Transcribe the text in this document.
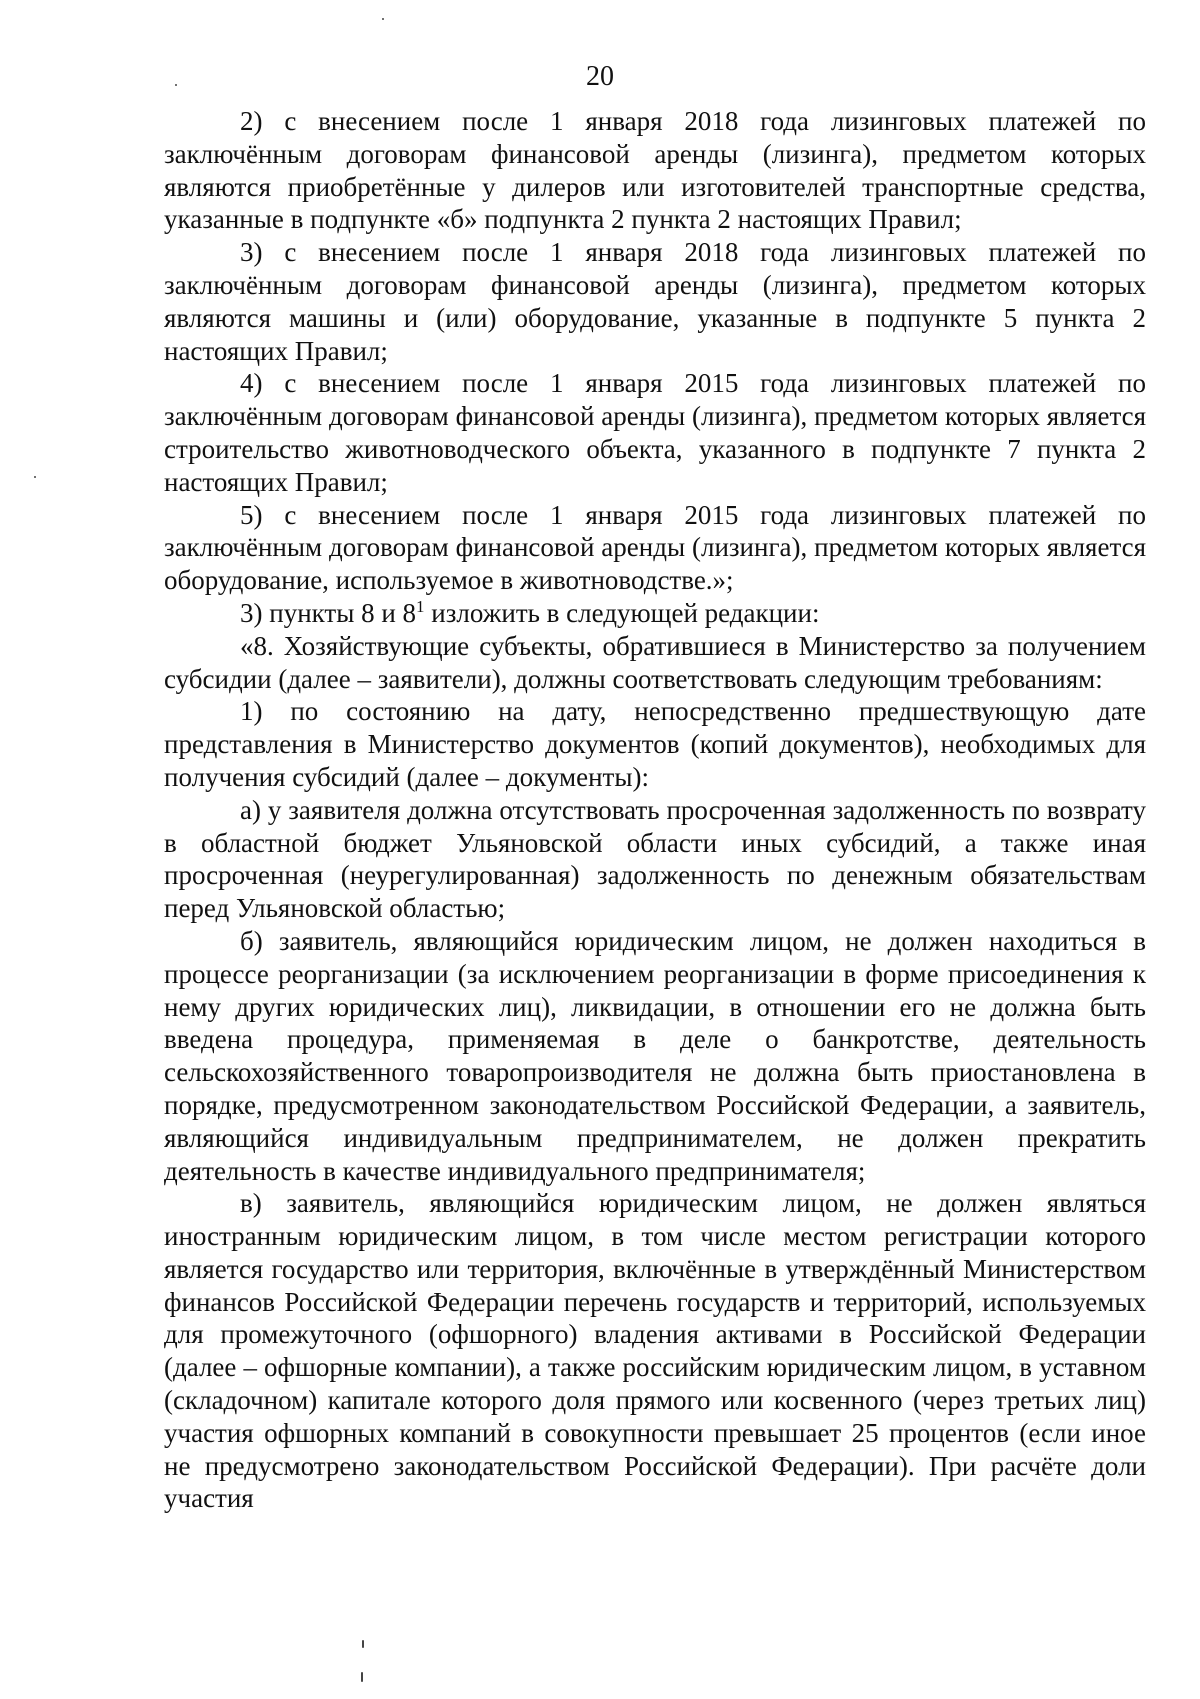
20

2) с внесением после 1 января 2018 года лизинговых платежей по заключённым договорам финансовой аренды (лизинга), предметом которых являются приобретённые у дилеров или изготовителей транспортные средства, указанные в подпункте «б» подпункта 2 пункта 2 настоящих Правил;

3) с внесением после 1 января 2018 года лизинговых платежей по заключённым договорам финансовой аренды (лизинга), предметом которых являются машины и (или) оборудование, указанные в подпункте 5 пункта 2 настоящих Правил;

4) с внесением после 1 января 2015 года лизинговых платежей по заключённым договорам финансовой аренды (лизинга), предметом которых является строительство животноводческого объекта, указанного в подпункте 7 пункта 2 настоящих Правил;

5) с внесением после 1 января 2015 года лизинговых платежей по заключённым договорам финансовой аренды (лизинга), предметом которых является оборудование, используемое в животноводстве.»;

3) пункты 8 и $8^1$ изложить в следующей редакции:

«8. Хозяйствующие субъекты, обратившиеся в Министерство за получением субсидии (далее – заявители), должны соответствовать следующим требованиям:

1) по состоянию на дату, непосредственно предшествующую дате представления в Министерство документов (копий документов), необходимых для получения субсидий (далее – документы):

а) у заявителя должна отсутствовать просроченная задолженность по возврату в областной бюджет Ульяновской области иных субсидий, а также иная просроченная (неурегулированная) задолженность по денежным обязательствам перед Ульяновской областью;

б) заявитель, являющийся юридическим лицом, не должен находиться в процессе реорганизации (за исключением реорганизации в форме присоединения к нему других юридических лиц), ликвидации, в отношении его не должна быть введена процедура, применяемая в деле о банкротстве, деятельность сельскохозяйственного товаропроизводителя не должна быть приостановлена в порядке, предусмотренном законодательством Российской Федерации, а заявитель, являющийся индивидуальным предпринимателем, не должен прекратить деятельность в качестве индивидуального предпринимателя;

в) заявитель, являющийся юридическим лицом, не должен являться иностранным юридическим лицом, в том числе местом регистрации которого является государство или территория, включённые в утверждённый Министерством финансов Российской Федерации перечень государств и территорий, используемых для промежуточного (офшорного) владения активами в Российской Федерации (далее – офшорные компании), а также российским юридическим лицом, в уставном (складочном) капитале которого доля прямого или косвенного (через третьих лиц) участия офшорных компаний в совокупности превышает 25 процентов (если иное не предусмотрено законодательством Российской Федерации). При расчёте доли участия
